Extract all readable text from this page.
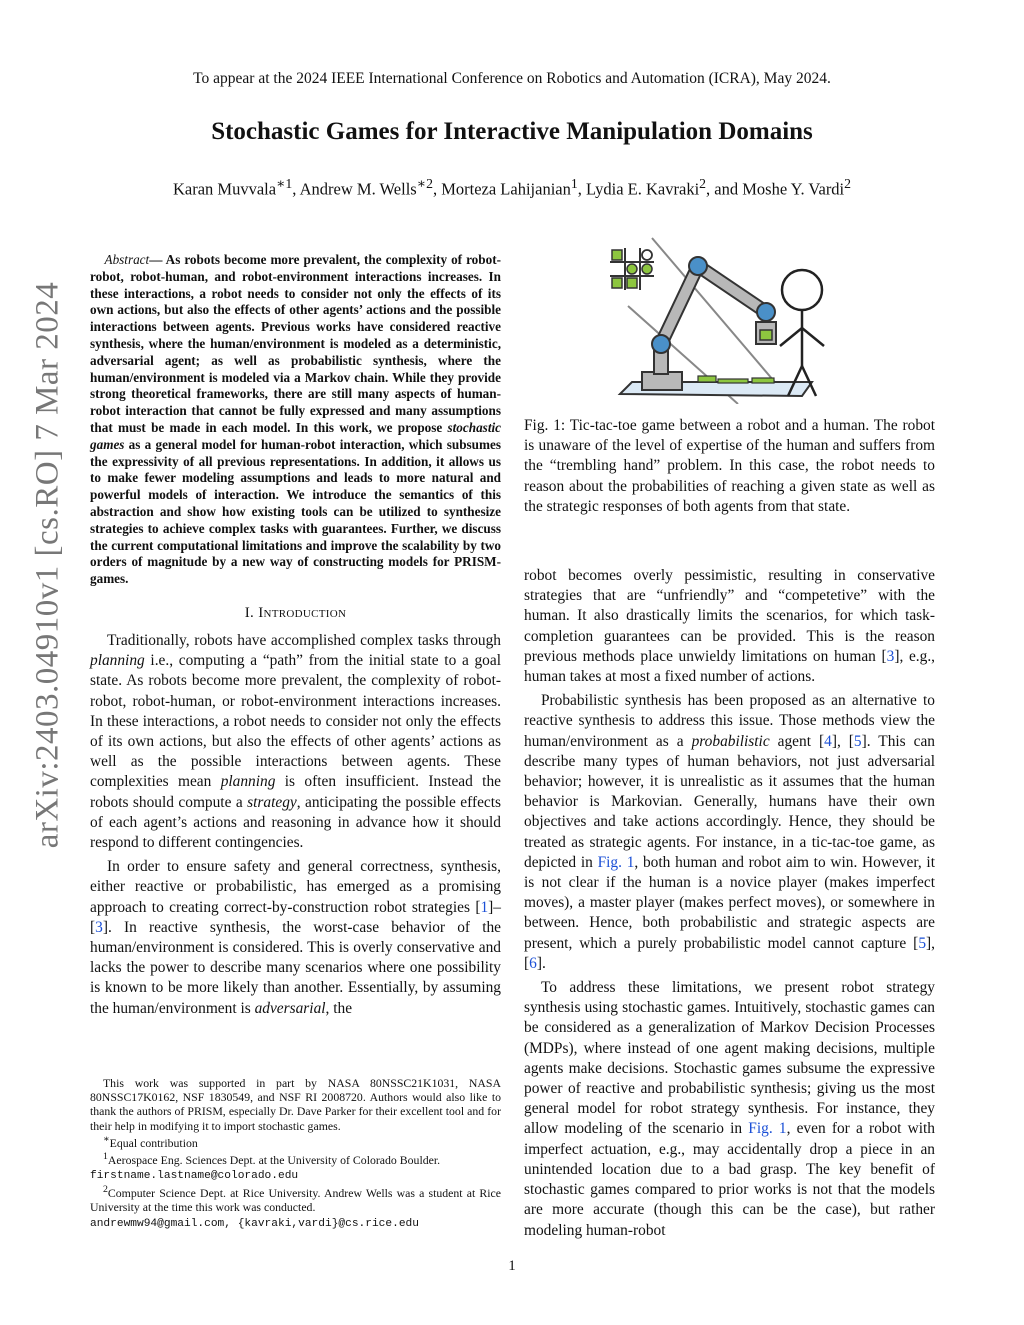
To appear at the 2024 IEEE International Conference on Robotics and Automation (ICRA), May 2024.
Stochastic Games for Interactive Manipulation Domains
Karan Muvvala$^{∗1}$, Andrew M. Wells$^{∗2}$, Morteza Lahijanian$^1$, Lydia E. Kavraki$^2$, and Moshe Y. Vardi$^2$
arXiv:2403.04910v1 [cs.RO] 7 Mar 2024
Abstract— As robots become more prevalent, the complexity of robot-robot, robot-human, and robot-environment interactions increases. In these interactions, a robot needs to consider not only the effects of its own actions, but also the effects of other agents’ actions and the possible interactions between agents. Previous works have considered reactive synthesis, where the human/environment is modeled as a deterministic, adversarial agent; as well as probabilistic synthesis, where the human/environment is modeled via a Markov chain. While they provide strong theoretical frameworks, there are still many aspects of human-robot interaction that cannot be fully expressed and many assumptions that must be made in each model. In this work, we propose stochastic games as a general model for human-robot interaction, which subsumes the expressivity of all previous representations. In addition, it allows us to make fewer modeling assumptions and leads to more natural and powerful models of interaction. We introduce the semantics of this abstraction and show how existing tools can be utilized to synthesize strategies to achieve complex tasks with guarantees. Further, we discuss the current computational limitations and improve the scalability by two orders of magnitude by a new way of constructing models for PRISM-games.
I. Introduction

Traditionally, robots have accomplished complex tasks through planning i.e., computing a “path” from the initial state to a goal state. As robots become more prevalent, the complexity of robot-robot, robot-human, or robot-environment interactions increases. In these interactions, a robot needs to consider not only the effects of its own actions, but also the effects of other agents’ actions as well as the possible interactions between agents. These complexities mean planning is often insufficient. Instead the robots should compute a strategy, anticipating the possible effects of each agent’s actions and reasoning in advance how it should respond to different contingencies.

In order to ensure safety and general correctness, synthesis, either reactive or probabilistic, has emerged as a promising approach to creating correct-by-construction robot strategies [1]–[3]. In reactive synthesis, the worst-case behavior of the human/environment is considered. This is overly conservative and lacks the power to describe many scenarios where one possibility is known to be more likely than another. Essentially, by assuming the human/environment is adversarial, the

This work was supported in part by NASA 80NSSC21K1031, NASA 80NSSC17K0162, NSF 1830549, and NSF RI 2008720. Authors would also like to thank the authors of PRISM, especially Dr. Dave Parker for their excellent tool and for their help in modifying it to import stochastic games.

∗Equal contribution

$^1$Aerospace Eng. Sciences Dept. at the University of Colorado Boulder.
firstname.lastname@colorado.edu

$^2$Computer Science Dept. at Rice University. Andrew Wells was a student at Rice University at the time this work was conducted.
andrewmw94@gmail.com, {kavraki,vardi}@cs.rice.edu

Fig. 1: Tic-tac-toe game between a robot and a human. The robot is unaware of the level of expertise of the human and suffers from the “trembling hand” problem. In this case, the robot needs to reason about the probabilities of reaching a given state as well as the strategic responses of both agents from that state.

robot becomes overly pessimistic, resulting in conservative strategies that are “unfriendly” and “competetive” with the human. It also drastically limits the scenarios, for which task-completion guarantees can be provided. This is the reason previous methods place unwieldy limitations on human [3], e.g., human takes at most a fixed number of actions.

Probabilistic synthesis has been proposed as an alternative to reactive synthesis to address this issue. Those methods view the human/environment as a probabilistic agent [4], [5]. This can describe many types of human behaviors, not just adversarial behavior; however, it is unrealistic as it assumes that the human behavior is Markovian. Generally, humans have their own objectives and take actions accordingly. Hence, they should be treated as strategic agents. For instance, in a tic-tac-toe game, as depicted in Fig. 1, both human and robot aim to win. However, it is not clear if the human is a novice player (makes imperfect moves), a master player (makes perfect moves), or somewhere in between. Hence, both probabilistic and strategic aspects are present, which a purely probabilistic model cannot capture [5], [6].

To address these limitations, we present robot strategy synthesis using stochastic games. Intuitively, stochastic games can be considered as a generalization of Markov Decision Processes (MDPs), where instead of one agent making decisions, multiple agents make decisions. Stochastic games subsume the expressive power of reactive and probabilistic synthesis; giving us the most general model for robot strategy synthesis. For instance, they allow modeling of the scenario in Fig. 1, even for a robot with imperfect actuation, e.g., may accidentally drop a piece in an unintended location due to a bad grasp. The key benefit of stochastic games compared to prior works is not that the models are more accurate (though this can be the case), but rather modeling human-robot

1
